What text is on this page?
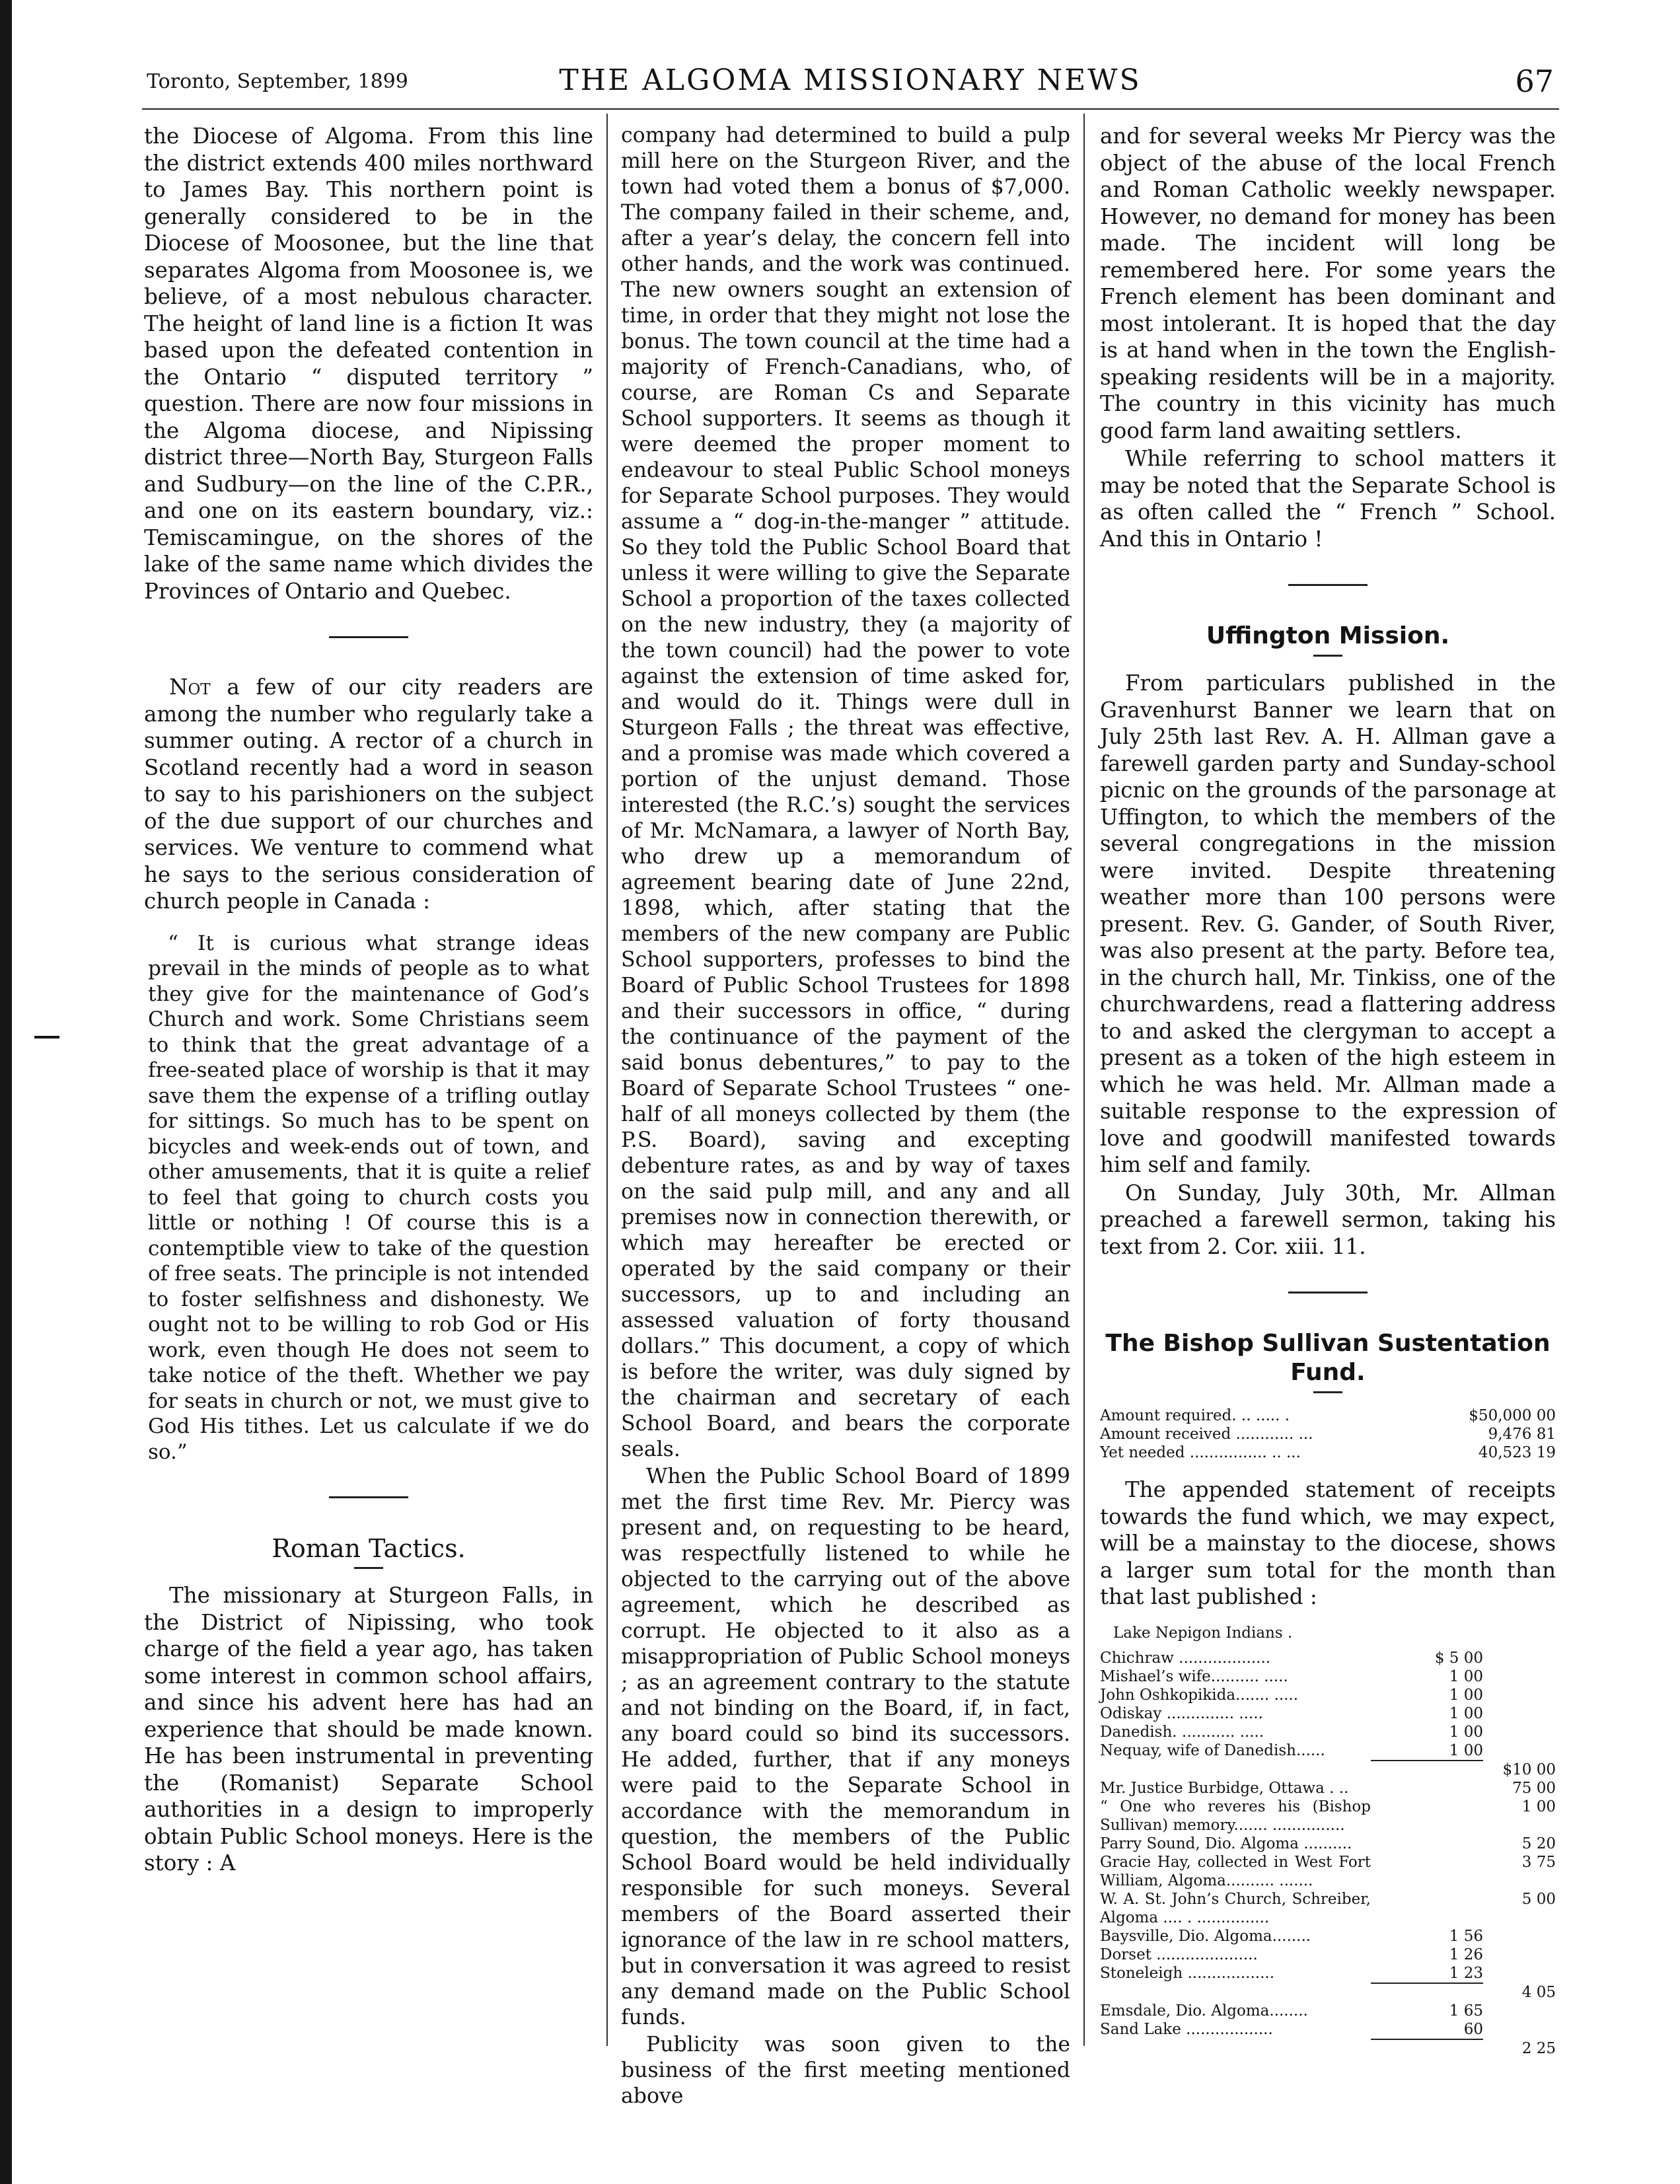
Toronto, September, 1899	THE ALGOMA MISSIONARY NEWS	67

the Diocese of Algoma. From this line the district extends 400 miles northward to James Bay. This northern point is generally considered to be in the Diocese of Moosonee, but the line that separates Algoma from Moosonee is, we believe, of a most nebulous character. The height of land line is a fiction It was based upon the defeated contention in the Ontario “ disputed territory ” question. There are now four missions in the Algoma diocese, and Nipissing district three—North Bay, Sturgeon Falls and Sudbury—on the line of the C.P.R., and one on its eastern boundary, viz.: Temiscamingue, on the shores of the lake of the same name which divides the Provinces of Ontario and Quebec.

Not a few of our city readers are among the number who regularly take a summer outing. A rector of a church in Scotland recently had a word in season to say to his parishioners on the subject of the due support of our churches and services. We venture to commend what he says to the serious consideration of church people in Canada :

“ It is curious what strange ideas prevail in the minds of people as to what they give for the maintenance of God’s Church and work. Some Christians seem to think that the great advantage of a free-seated place of worship is that it may save them the expense of a trifling outlay for sittings. So much has to be spent on bicycles and week-ends out of town, and other amusements, that it is quite a relief to feel that going to church costs you little or nothing ! Of course this is a contemptible view to take of the question of free seats. The principle is not intended to foster selfishness and dishonesty. We ought not to be willing to rob God or His work, even though He does not seem to take notice of the theft. Whether we pay for seats in church or not, we must give to God His tithes. Let us calculate if we do so.”

Roman Tactics.

The missionary at Sturgeon Falls, in the District of Nipissing, who took charge of the field a year ago, has taken some interest in common school affairs, and since his advent here has had an experience that should be made known. He has been instrumental in preventing the (Romanist) Separate School authorities in a design to improperly obtain Public School moneys. Here is the story : A

company had determined to build a pulp mill here on the Sturgeon River, and the town had voted them a bonus of $7,000. The company failed in their scheme, and, after a year’s delay, the concern fell into other hands, and the work was continued. The new owners sought an extension of time, in order that they might not lose the bonus. The town council at the time had a majority of French-Canadians, who, of course, are Roman Cs and Separate School supporters. It seems as though it were deemed the proper moment to endeavour to steal Public School moneys for Separate School purposes. They would assume a “ dog-in-the-manger ” attitude. So they told the Public School Board that unless it were willing to give the Separate School a proportion of the taxes collected on the new industry, they (a majority of the town council) had the power to vote against the extension of time asked for, and would do it. Things were dull in Sturgeon Falls ; the threat was effective, and a promise was made which covered a portion of the unjust demand. Those interested (the R.C.’s) sought the services of Mr. McNamara, a lawyer of North Bay, who drew up a memorandum of agreement bearing date of June 22nd, 1898, which, after stating that the members of the new company are Public School supporters, professes to bind the Board of Public School Trustees for 1898 and their successors in office, “ during the continuance of the payment of the said bonus debentures,” to pay to the Board of Separate School Trustees “ one-half of all moneys collected by them (the P.S. Board), saving and excepting debenture rates, as and by way of taxes on the said pulp mill, and any and all premises now in connection therewith, or which may hereafter be erected or operated by the said company or their successors, up to and including an assessed valuation of forty thousand dollars.” This document, a copy of which is before the writer, was duly signed by the chairman and secretary of each School Board, and bears the corporate seals.

When the Public School Board of 1899 met the first time Rev. Mr. Piercy was present and, on requesting to be heard, was respectfully listened to while he objected to the carrying out of the above agreement, which he described as corrupt. He objected to it also as a misappropriation of Public School moneys ; as an agreement contrary to the statute and not binding on the Board, if, in fact, any board could so bind its successors. He added, further, that if any moneys were paid to the Separate School in accordance with the memorandum in question, the members of the Public School Board would be held individually responsible for such moneys. Several members of the Board asserted their ignorance of the law in re school matters, but in conversation it was agreed to resist any demand made on the Public School funds.

Publicity was soon given to the business of the first meeting mentioned above

and for several weeks Mr Piercy was the object of the abuse of the local French and Roman Catholic weekly newspaper. However, no demand for money has been made. The incident will long be remembered here. For some years the French element has been dominant and most intolerant. It is hoped that the day is at hand when in the town the English-speaking residents will be in a majority. The country in this vicinity has much good farm land awaiting settlers.

While referring to school matters it may be noted that the Separate School is as often called the “ French ” School. And this in Ontario !

Uffington Mission.

From particulars published in the Gravenhurst Banner we learn that on July 25th last Rev. A. H. Allman gave a farewell garden party and Sunday-school picnic on the grounds of the parsonage at Uffington, to which the members of the several congregations in the mission were invited. Despite threatening weather more than 100 persons were present. Rev. G. Gander, of South River, was also present at the party. Before tea, in the church hall, Mr. Tinkiss, one of the churchwardens, read a flattering address to and asked the clergyman to accept a present as a token of the high esteem in which he was held. Mr. Allman made a suitable response to the expression of love and goodwill manifested towards him self and family.

On Sunday, July 30th, Mr. Allman preached a farewell sermon, taking his text from 2. Cor. xiii. 11.

The Bishop Sullivan Sustentation Fund.
Amount required. .. ..... .	$50,000 00
Amount received ............ ...	9,476 81
Yet needed ................ .. ...	40,523 19

The appended statement of receipts towards the fund which, we may expect, will be a mainstay to the diocese, shows a larger sum total for the month than that last published :

Lake Nepigon Indians .
Chichraw ...................	$ 5 00	
Mishael’s wife.......... .....	1 00	
John Oshkopikida....... .....	1 00	
Odiskay .............. .....	1 00	
Danedish. ........... .....	1 00	
Nequay, wife of Danedish......	1 00	
		$10 00
Mr. Justice Burbidge, Ottawa . ..		75 00
“ One who reveres his (Bishop Sullivan) memory....... ...............		1 00
Parry Sound, Dio. Algoma ..........		5 20
Gracie Hay, collected in West Fort William, Algoma.......... .......		3 75
W. A. St. John’s Church, Schreiber, Algoma .... . ...............		5 00
Baysville, Dio. Algoma........	1 56	
Dorset .....................	1 26	
Stoneleigh ..................	1 23	
		4 05
Emsdale, Dio. Algoma........	1 65	
Sand Lake ..................	60	
		2 25
